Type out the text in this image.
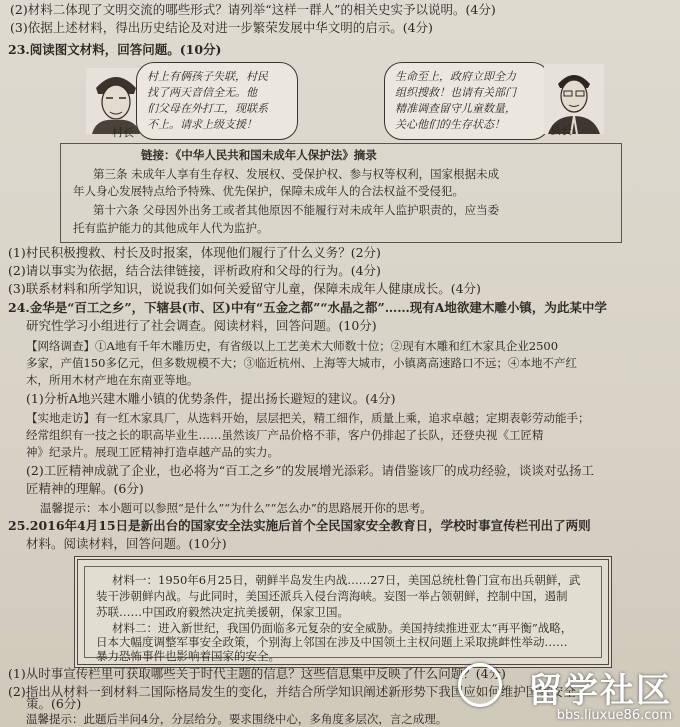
(2)材料二体现了文明交流的哪些形式？请列举“这样一群人”的相关史实予以说明。(4分)
(3)依据上述材料，得出历史结论及对进一步繁荣发展中华文明的启示。(4分)
23.阅读图文材料，回答问题。(10分)
村长
村上有俩孩子失联，村民
找了两天音信全无。他
们父母在外打工，现联系
不上。请求上级支援！
生命至上，政府立即全力
组织搜救！也请有关部门
精准调查留守儿童数量，
关心他们的生存状态！	县长
链接：《中华人民共和国未成年人保护法》摘录
第三条 未成年人享有生存权、发展权、受保护权、参与权等权利，国家根据未成
年人身心发展特点给予特殊、优先保护，保障未成年人的合法权益不受侵犯。
第十六条 父母因外出务工或者其他原因不能履行对未成年人监护职责的，应当委
托有监护能力的其他成年人代为监护。
(1)村民积极搜救、村长及时报案，体现他们履行了什么义务？(2分)
(2)请以事实为依据，结合法律链接，评析政府和父母的行为。(4分)
(3)联系材料和所学知识，说说我们如何关爱留守儿童，保障未成年人健康成长。(4分)
24.金华是“百工之乡”，下辖县(市、区)中有“五金之都”“水晶之都”……现有A地欲建木雕小镇，为此某中学
研究性学习小组进行了社会调查。阅读材料，回答问题。(10分)
【网络调查】①A地有千年木雕历史，有省级以上工艺美术大师数十位；②现有木雕和红木家具企业2500
多家，产值150多亿元，但多数规模不大；③临近杭州、上海等大城市，小镇离高速路口不远；④本地不产红
木，所用木材产地在东南亚等地。
(1)分析A地兴建木雕小镇的优势条件，提出扬长避短的建议。(4分)
【实地走访】有一红木家具厂，从选料开始，层层把关，精工细作，质量上乘，追求卓越；定期表彰劳动能手；
经常组织有一技之长的职高毕业生……虽然该厂产品价格不菲，客户仍排起了长队，还登央视《工匠精
神》纪录片。展现工匠精神打造卓越产品的实力。
(2)工匠精神成就了企业，也必将为“百工之乡”的发展增光添彩。请借鉴该厂的成功经验，谈谈对弘扬工
匠精神的理解。(6分)
温馨提示：本小题可以参照“是什么”“为什么”“怎么办”的思路展开你的思考。
25.2016年4月15日是新出台的国家安全法实施后首个全民国家安全教育日，学校时事宣传栏刊出了两则
材料。阅读材料，回答问题。(10分)
材料一：1950年6月25日，朝鲜半岛发生内战……27日，美国总统杜鲁门宣布出兵朝鲜，武
装干涉朝鲜内战。与此同时，美国还派兵入侵台湾海峡。妄图一举占领朝鲜，控制中国，遏制
苏联……中国政府毅然决定抗美援朝，保家卫国。
材料二：进入新世纪，我国仍面临多元复杂的安全威胁。美国持续推进亚太“再平衡”战略，
日本大幅度调整军事安全政策，个别海上邻国在涉及中国领土主权问题上采取挑衅性举动……
暴力恐怖事件也影响着国家的安全。
(1)从时事宣传栏里可获取哪些关于时代主题的信息？这些信息集中反映了什么问题？(4分)
(2)指出从材料一到材料二国际格局发生的变化，并结合所学知识阐述新形势下我国应如何维护国家安全
策。(6分)
温馨提示：此题后半问4分，分层给分。要求围绕中心，多角度多层次，言之成理。
留学社区
bbs.liuxue86.com
